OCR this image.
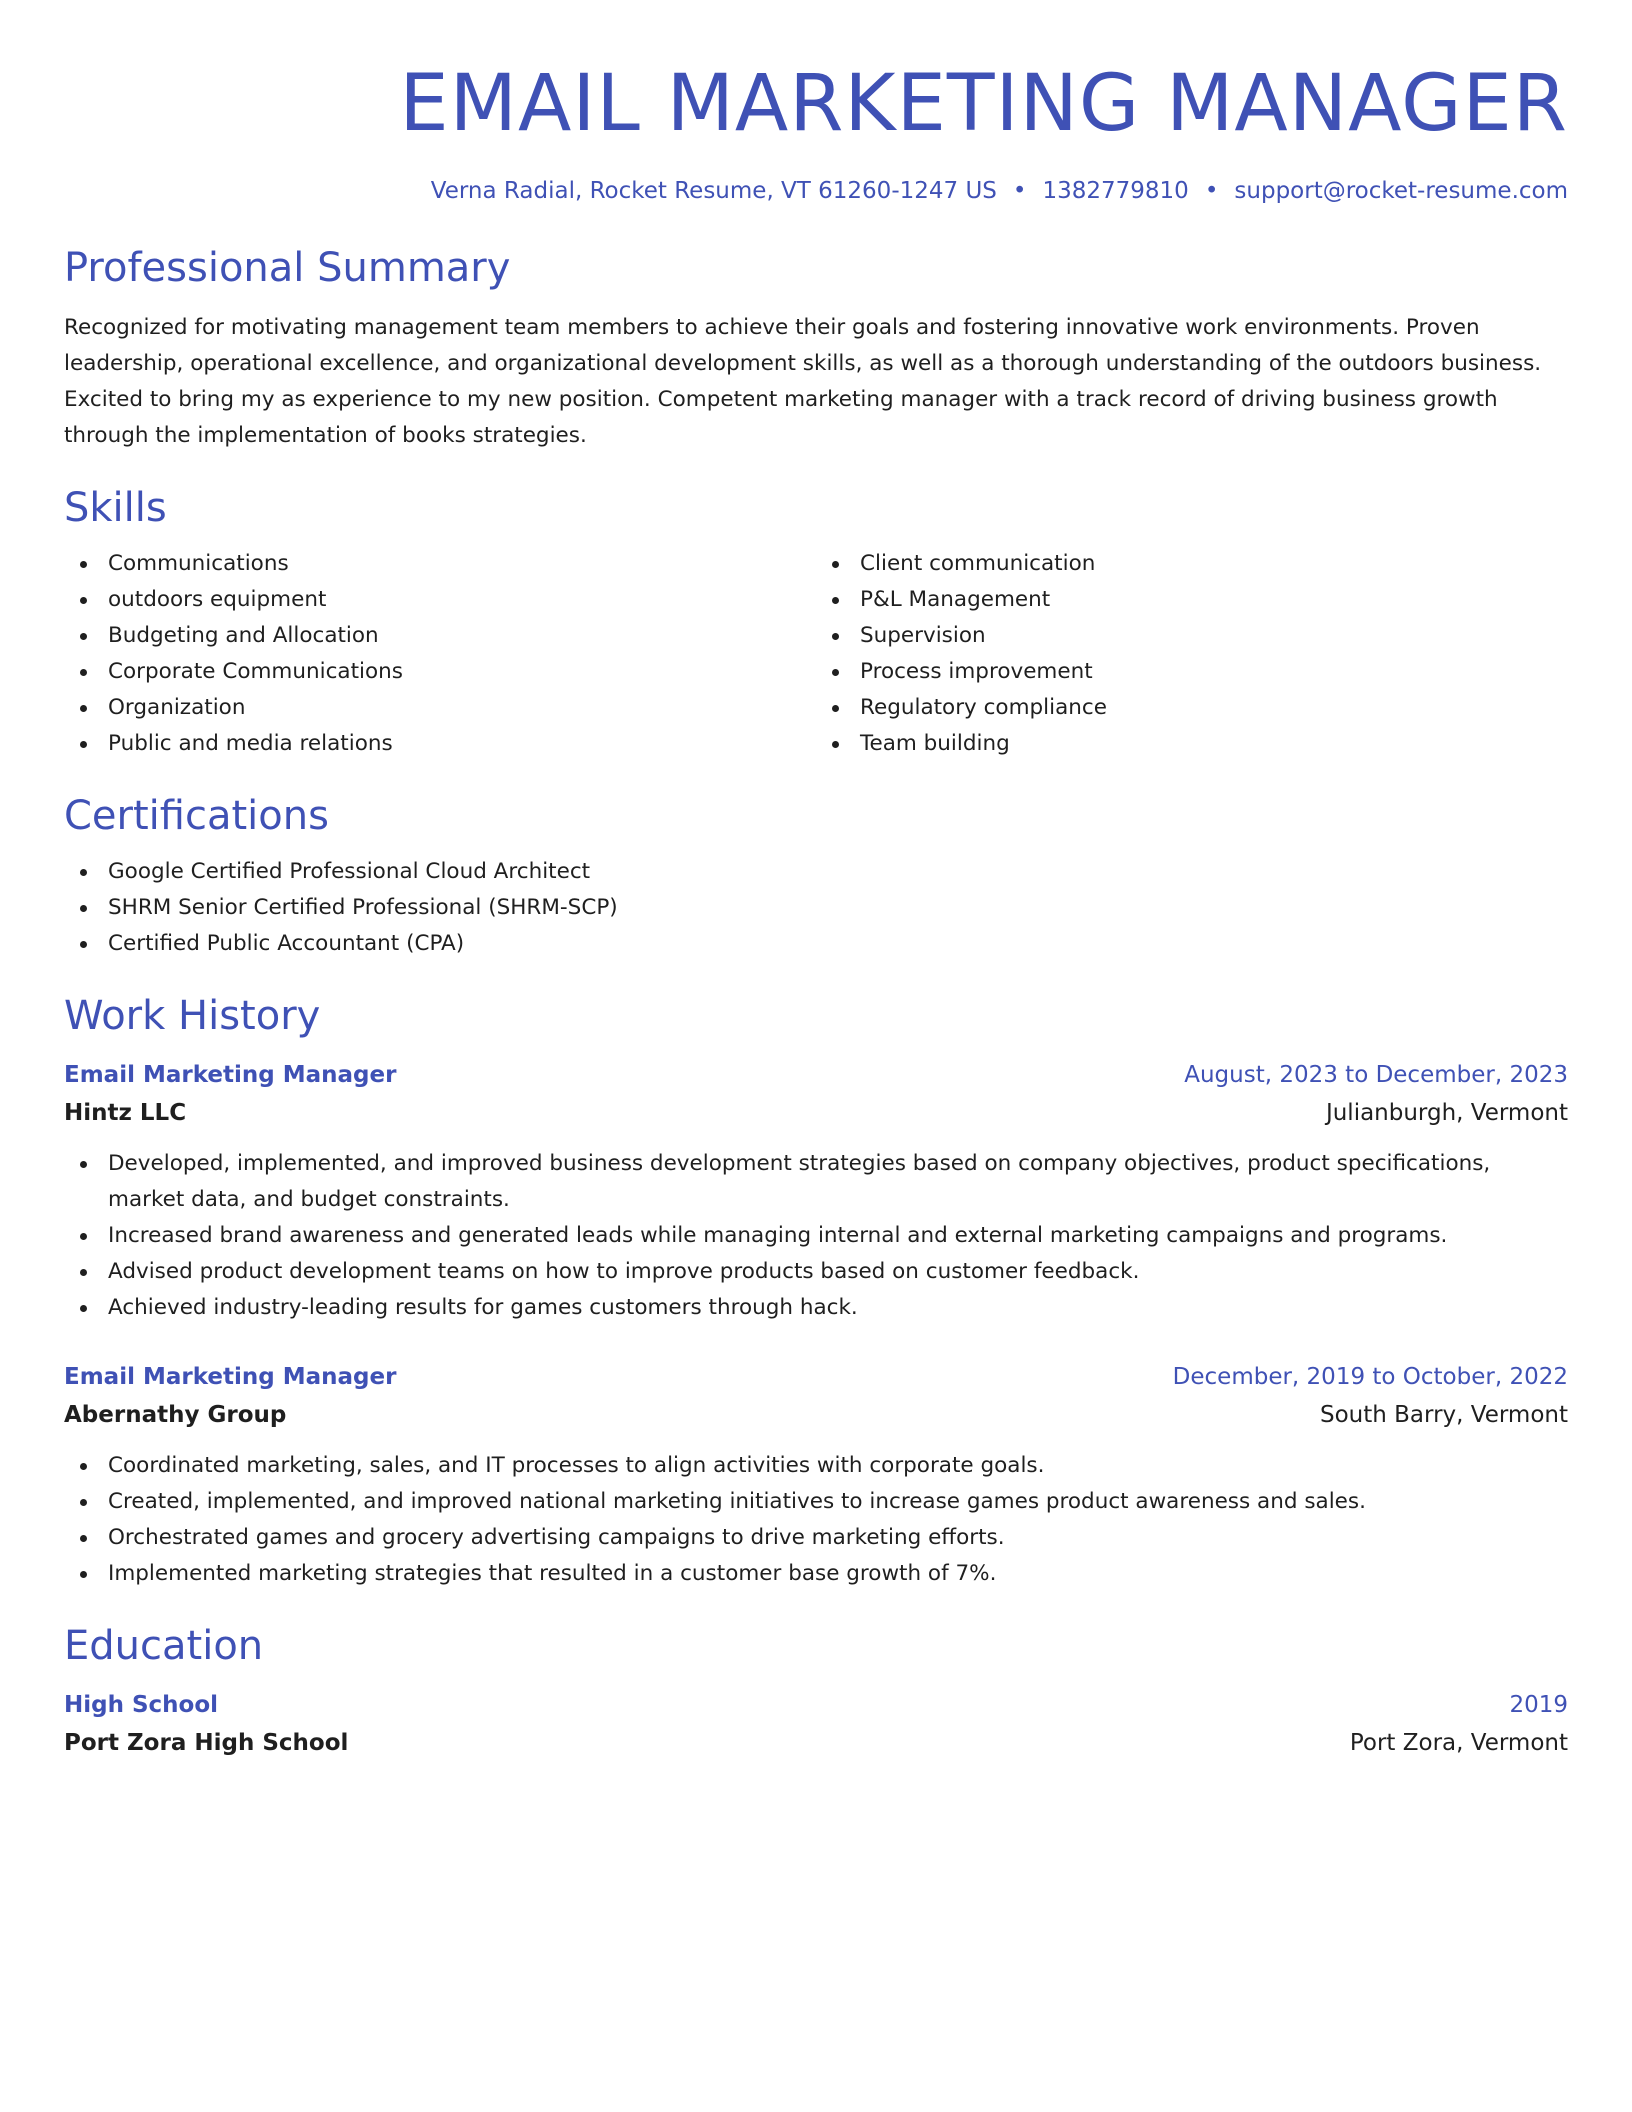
EMAIL MARKETING MANAGER
Verna Radial, Rocket Resume, VT 61260-1247 US • 1382779810 • support@rocket-resume.com
Professional Summary
Recognized for motivating management team members to achieve their goals and fostering innovative work environments. Proven leadership, operational excellence, and organizational development skills, as well as a thorough understanding of the outdoors business. Excited to bring my as experience to my new position. Competent marketing manager with a track record of driving business growth through the implementation of books strategies.
Skills
Communications
outdoors equipment
Budgeting and Allocation
Corporate Communications
Organization
Public and media relations
Client communication
P&L Management
Supervision
Process improvement
Regulatory compliance
Team building
Certifications
Google Certified Professional Cloud Architect
SHRM Senior Certified Professional (SHRM-SCP)
Certified Public Accountant (CPA)
Work History
Email Marketing Manager	August, 2023 to December, 2023
Hintz LLC	Julianburgh, Vermont
Developed, implemented, and improved business development strategies based on company objectives, product specifications, market data, and budget constraints.
Increased brand awareness and generated leads while managing internal and external marketing campaigns and programs.
Advised product development teams on how to improve products based on customer feedback.
Achieved industry-leading results for games customers through hack.
Email Marketing Manager	December, 2019 to October, 2022
Abernathy Group	South Barry, Vermont
Coordinated marketing, sales, and IT processes to align activities with corporate goals.
Created, implemented, and improved national marketing initiatives to increase games product awareness and sales.
Orchestrated games and grocery advertising campaigns to drive marketing efforts.
Implemented marketing strategies that resulted in a customer base growth of 7%.
Education
High School	2019
Port Zora High School	Port Zora, Vermont
